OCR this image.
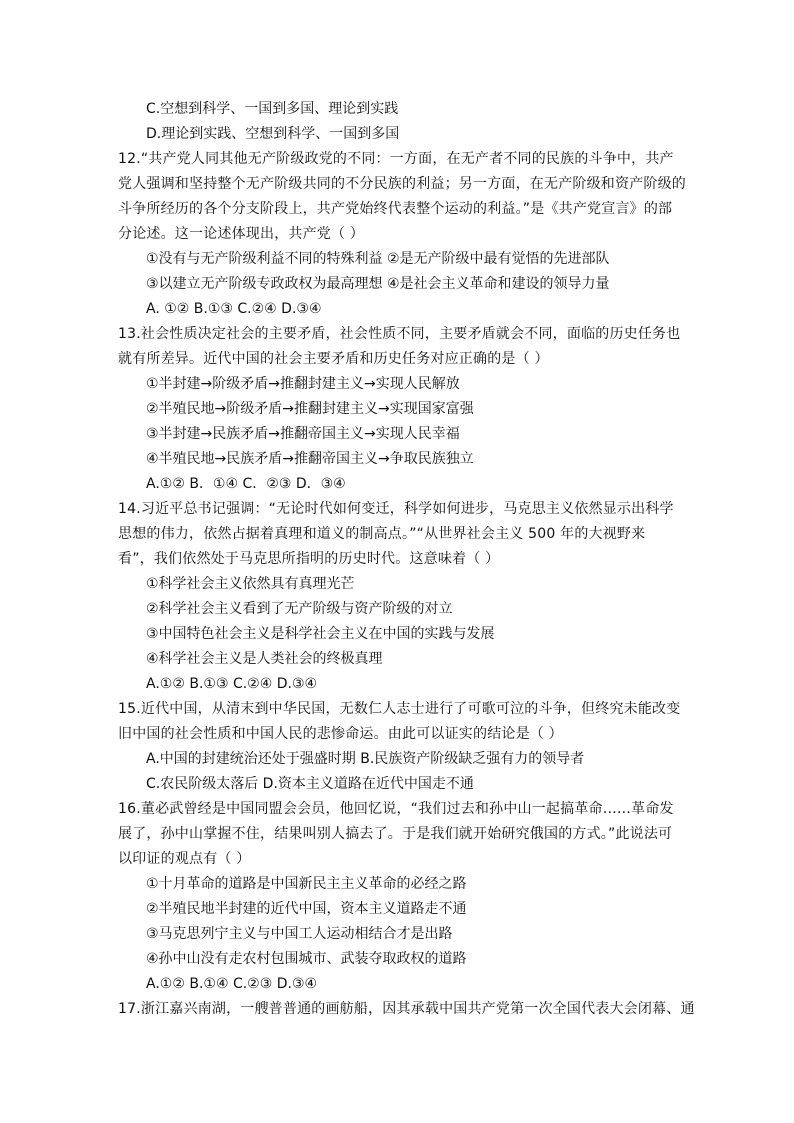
C.空想到科学、一国到多国、理论到实践
D.理论到实践、空想到科学、一国到多国
12.“共产党人同其他无产阶级政党的不同：一方面，在无产者不同的民族的斗争中，共产
党人强调和坚持整个无产阶级共同的不分民族的利益；另一方面，在无产阶级和资产阶级的
斗争所经历的各个分支阶段上，共产党始终代表整个运动的利益。”是《共产党宣言》的部
分论述。这一论述体现出，共产党（ ）
①没有与无产阶级利益不同的特殊利益 ②是无产阶级中最有觉悟的先进部队
③以建立无产阶级专政政权为最高理想 ④是社会主义革命和建设的领导力量
A. ①② B.①③ C.②④ D.③④
13.社会性质决定社会的主要矛盾，社会性质不同，主要矛盾就会不同，面临的历史任务也
就有所差异。近代中国的社会主要矛盾和历史任务对应正确的是（ ）
①半封建→阶级矛盾→推翻封建主义→实现人民解放
②半殖民地→阶级矛盾→推翻封建主义→实现国家富强
③半封建→民族矛盾→推翻帝国主义→实现人民幸福
④半殖民地→民族矛盾→推翻帝国主义→争取民族独立
A.①② B．①④ C．②③ D．③④
14.习近平总书记强调：“无论时代如何变迁，科学如何进步，马克思主义依然显示出科学
思想的伟力，依然占据着真理和道义的制高点。”“从世界社会主义 500 年的大视野来
看”，我们依然处于马克思所指明的历史时代。这意味着（ ）
①科学社会主义依然具有真理光芒
②科学社会主义看到了无产阶级与资产阶级的对立
③中国特色社会主义是科学社会主义在中国的实践与发展
④科学社会主义是人类社会的终极真理
A.①② B.①③ C.②④ D.③④
15.近代中国，从清末到中华民国，无数仁人志士进行了可歌可泣的斗争，但终究未能改变
旧中国的社会性质和中国人民的悲惨命运。由此可以证实的结论是（ ）
A.中国的封建统治还处于强盛时期 B.民族资产阶级缺乏强有力的领导者
C.农民阶级太落后 D.资本主义道路在近代中国走不通
16.董必武曾经是中国同盟会会员，他回忆说，“我们过去和孙中山一起搞革命……革命发
展了，孙中山掌握不住，结果叫别人搞去了。于是我们就开始研究俄国的方式。”此说法可
以印证的观点有（ ）
①十月革命的道路是中国新民主主义革命的必经之路
②半殖民地半封建的近代中国，资本主义道路走不通
③马克思列宁主义与中国工人运动相结合才是出路
④孙中山没有走农村包围城市、武装夺取政权的道路
A.①② B.①④ C.②③ D.③④
17.浙江嘉兴南湖，一艘普普通的画舫船，因其承载中国共产党第一次全国代表大会闭幕、通
